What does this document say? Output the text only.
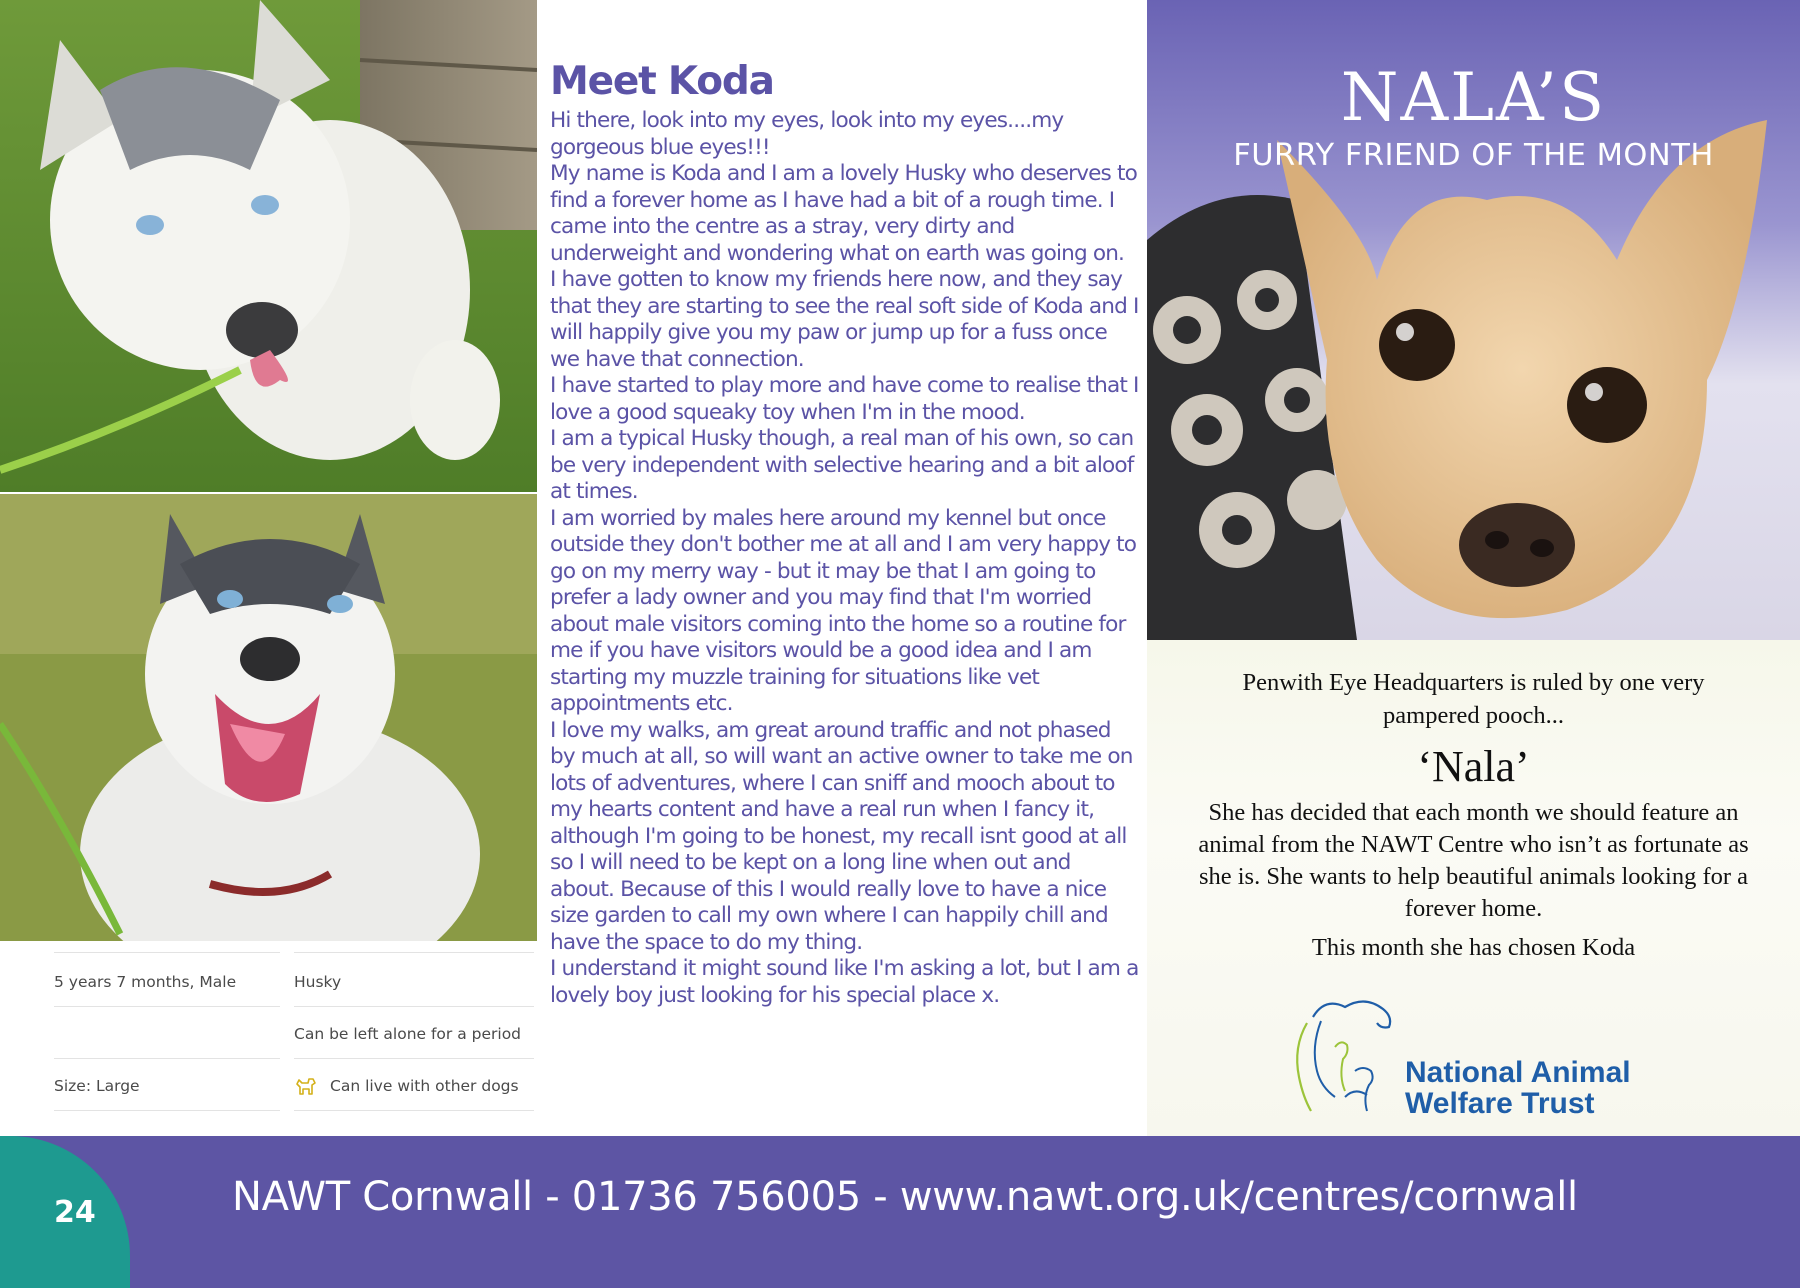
5 years 7 months, Male	Husky
Can be left alone for a period
Size: Large	Can live with other dogs
Meet Koda

Hi there, look into my eyes, look into my eyes....my gorgeous blue eyes!!!

My name is Koda and I am a lovely Husky who deserves to find a forever home as I have had a bit of a rough time. I came into the centre as a stray, very dirty and underweight and wondering what on earth was going on.

I have gotten to know my friends here now, and they say that they are starting to see the real soft side of Koda and I will happily give you my paw or jump up for a fuss once we have that connection.

I have started to play more and have come to realise that I love a good squeaky toy when I'm in the mood.

I am a typical Husky though, a real man of his own, so can be very independent with selective hearing and a bit aloof at times.

I am worried by males here around my kennel but once outside they don't bother me at all and I am very happy to go on my merry way - but it may be that I am going to prefer a lady owner and you may find that I'm worried about male visitors coming into the home so a routine for me if you have visitors would be a good idea and I am starting my muzzle training for situations like vet appointments etc.

I love my walks, am great around traffic and not phased by much at all, so will want an active owner to take me on lots of adventures, where I can sniff and mooch about to my hearts content and have a real run when I fancy it, although I'm going to be honest, my recall isnt good at all so I will need to be kept on a long line when out and about. Because of this I would really love to have a nice size garden to call my own where I can happily chill and have the space to do my thing.

I understand it might sound like I'm asking a lot, but I am a lovely boy just looking for his special place x.

NALA’S
FURRY FRIEND OF THE MONTH
Penwith Eye Headquarters is ruled by one very pampered pooch...
‘Nala’
She has decided that each month we should feature an animal from the NAWT Centre who isn’t as fortunate as she is. She wants to help beautiful animals looking for a forever home.
This month she has chosen Koda
National Animal
Welfare Trust
NAWT Cornwall - 01736 756005 - www.nawt.org.uk/centres/cornwall
24
